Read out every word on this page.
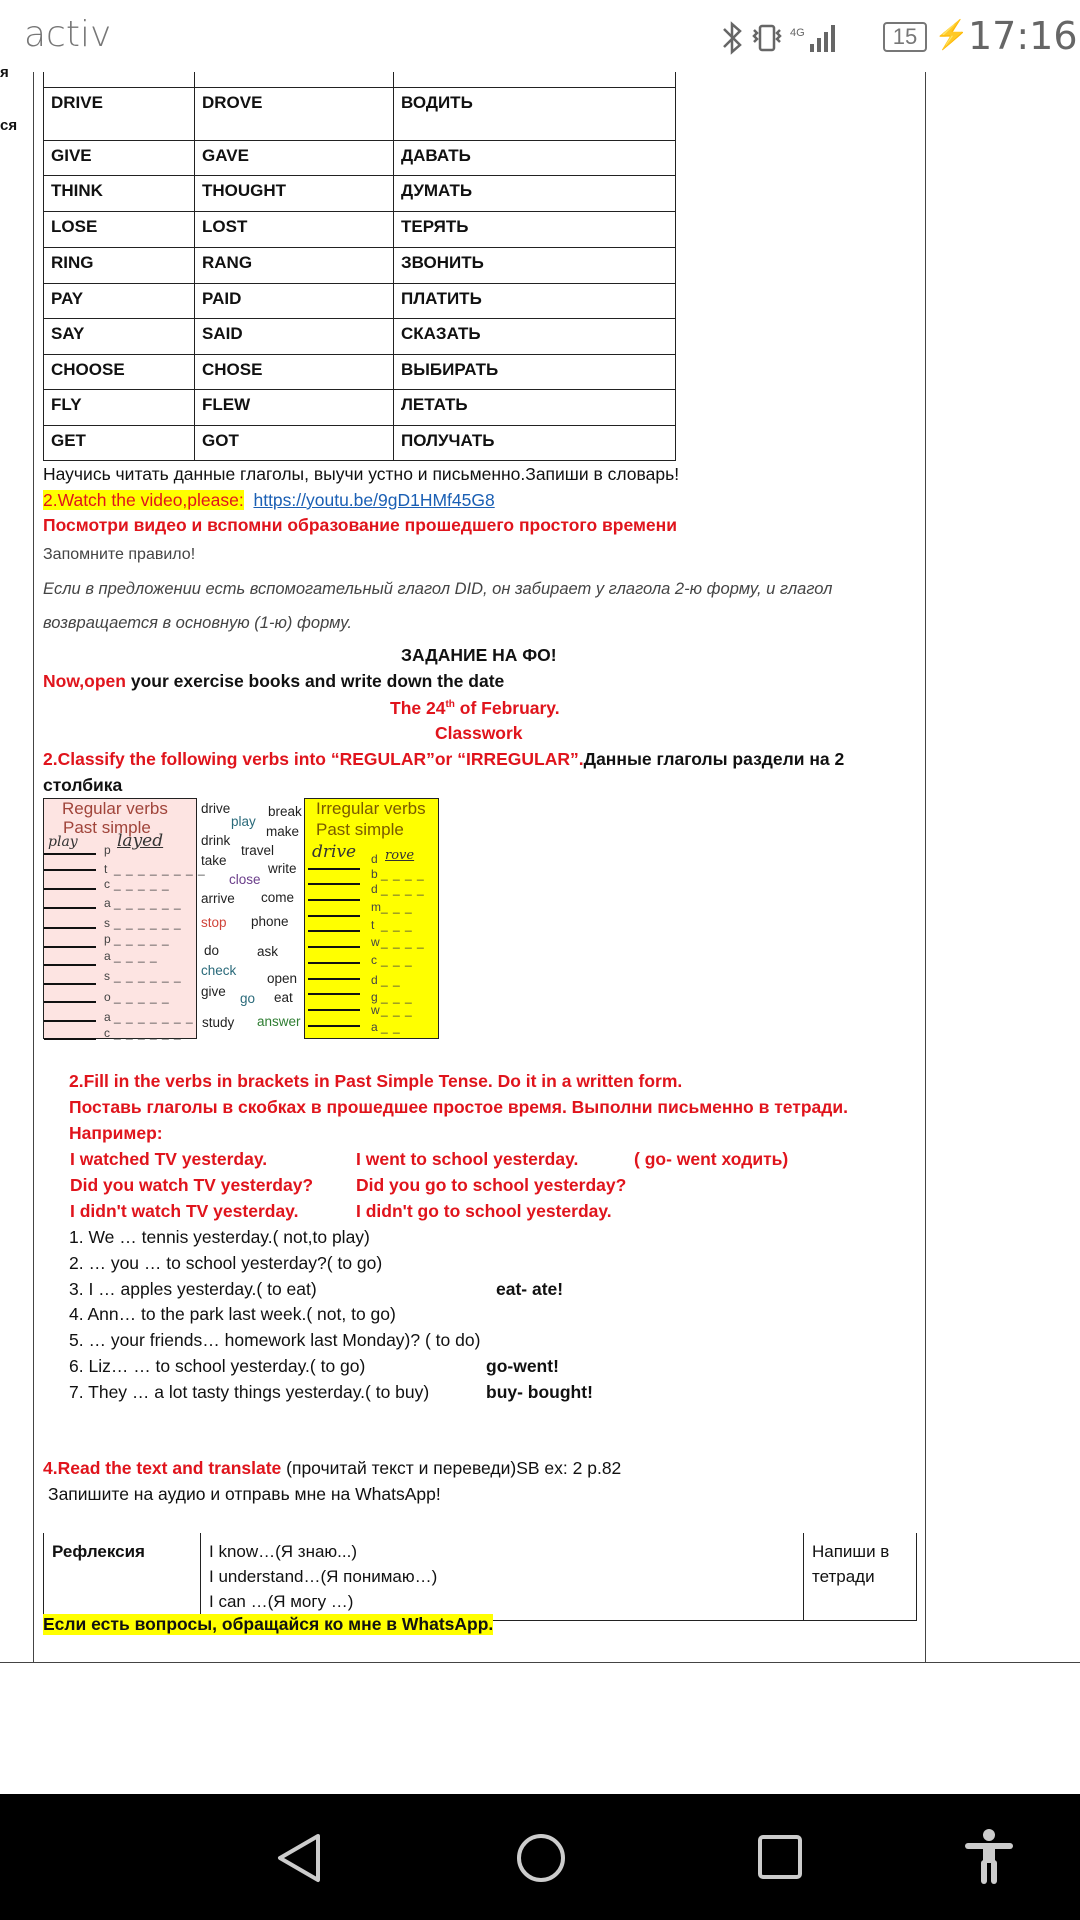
activ	4G	15 ⚡ 17:16
я
ся

DRIVE	DROVE	ВОДИТЬ
GIVE	GAVE	ДАВАТЬ
THINK	THOUGHT	ДУМАТЬ
LOSE	LOST	ТЕРЯТЬ
RING	RANG	ЗВОНИТЬ
PAY	PAID	ПЛАТИТЬ
SAY	SAID	СКАЗАТЬ
CHOOSE	CHOSE	ВЫБИРАТЬ
FLY	FLEW	ЛЕТАТЬ
GET	GOT	ПОЛУЧАТЬ
Научись читать данные глаголы, выучи устно и письменно.Запиши в словарь!
2.Watch the video,please: https://youtu.be/9gD1HMf45G8
Посмотри видео и вспомни образование прошедшего простого времени
Запомните правило!
Если в предложении есть вспомогательный глагол DID, он забирает у глагола 2-ю форму, и глагол
возвращается в основную (1-ю) форму.
ЗАДАНИЕ НА ФО!
Now,open your exercise books and write down the date
The 24th of February.
Classwork
2.Classify the following verbs into “REGULAR”or “IRREGULAR”.Данные глаголы раздели на 2
столбика
Regular verbs
Past simple
Irregular verbs
Past simple
p
t _ _ _ _ _ _ _ _
c _ _ _ _ _
a _ _ _ _ _ _
s _ _ _ _ _ _
p _ _ _ _ _
a _ _ _ _
s _ _ _ _ _ _
o _ _ _ _ _
a _ _ _ _ _ _ _
c _ _ _ _ _ _
d
b _ _ _ _
d _ _ _ _
m _ _ _
t _ _ _
w _ _ _ _
c _ _ _
d _ _
g _ _ _
w _ _ _
a _ _
drive
play
break
make
drink
travel
take
write
close
arrive come
stop phone
do	ask
check
open
give go eat
study answer
play layed
drive rove
2.Fill in the verbs in brackets in Past Simple Tense. Do it in a written form.
Поставь глаголы в скобках в прошедшее простое время. Выполни письменно в тетради.
Например:
I watched TV yesterday.	I went to school yesterday.	( go- went ходить)
Did you watch TV yesterday? Did you go to school yesterday?
I didn't watch TV yesterday.	I didn't go to school yesterday.
1. We … tennis yesterday.( not,to play)
2. … you … to school yesterday?( to go)
3. I … apples yesterday.( to eat)	eat- ate!
4. Ann… to the park last week.( not, to go)
5. … your friends… homework last Monday)? ( to do)
6. Liz… … to school yesterday.( to go)	go-went!
7. They … a lot tasty things yesterday.( to buy)	buy- bought!
4.Read the text and translate (прочитай текст и переведи)SB ex: 2 p.82
Запишите на аудио и отправь мне на WhatsApp!
Рефлексия	I know…(Я знаю...)
I understand…(Я понимаю…)
I can …(Я могу …)

Напиши в тетради
Если есть вопросы, обращайся ко мне в WhatsApp.
